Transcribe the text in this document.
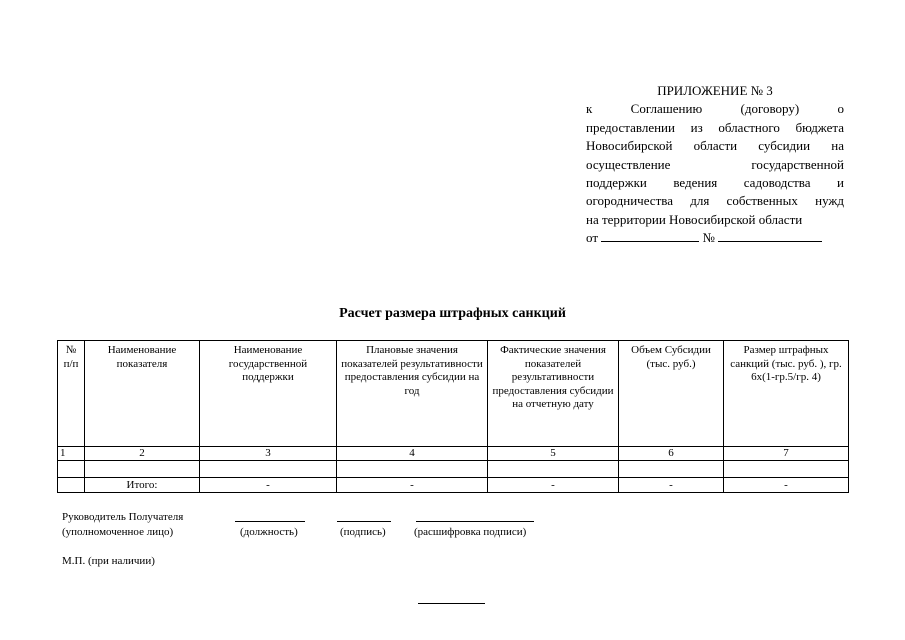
ПРИЛОЖЕНИЕ № 3
к Соглашению (договору) о
предоставлении из областного бюджета
Новосибирской области субсидии на
осуществление государственной
поддержки ведения садоводства и
огородничества для собственных нужд
на территории Новосибирской области
от	№
Расчет размера штрафных санкций
№ п/п	Наименование показателя	Наименование государственной поддержки	Плановые значения показателей результативности предоставления субсидии на год	Фактические значения показателей результативности предоставления субсидии на отчетную дату	Объем Субсидии (тыс. руб.)	Размер штрафных санкций (тыс. руб. ), гр. 6х(1-гр.5/гр. 4)
1	2	3	4	5	6	7

	Итого:	-	-	-	-	-
Руководитель Получателя
(уполномоченное лицо)	(должность)	(подпись)	(расшифровка подписи)
М.П. (при наличии)
